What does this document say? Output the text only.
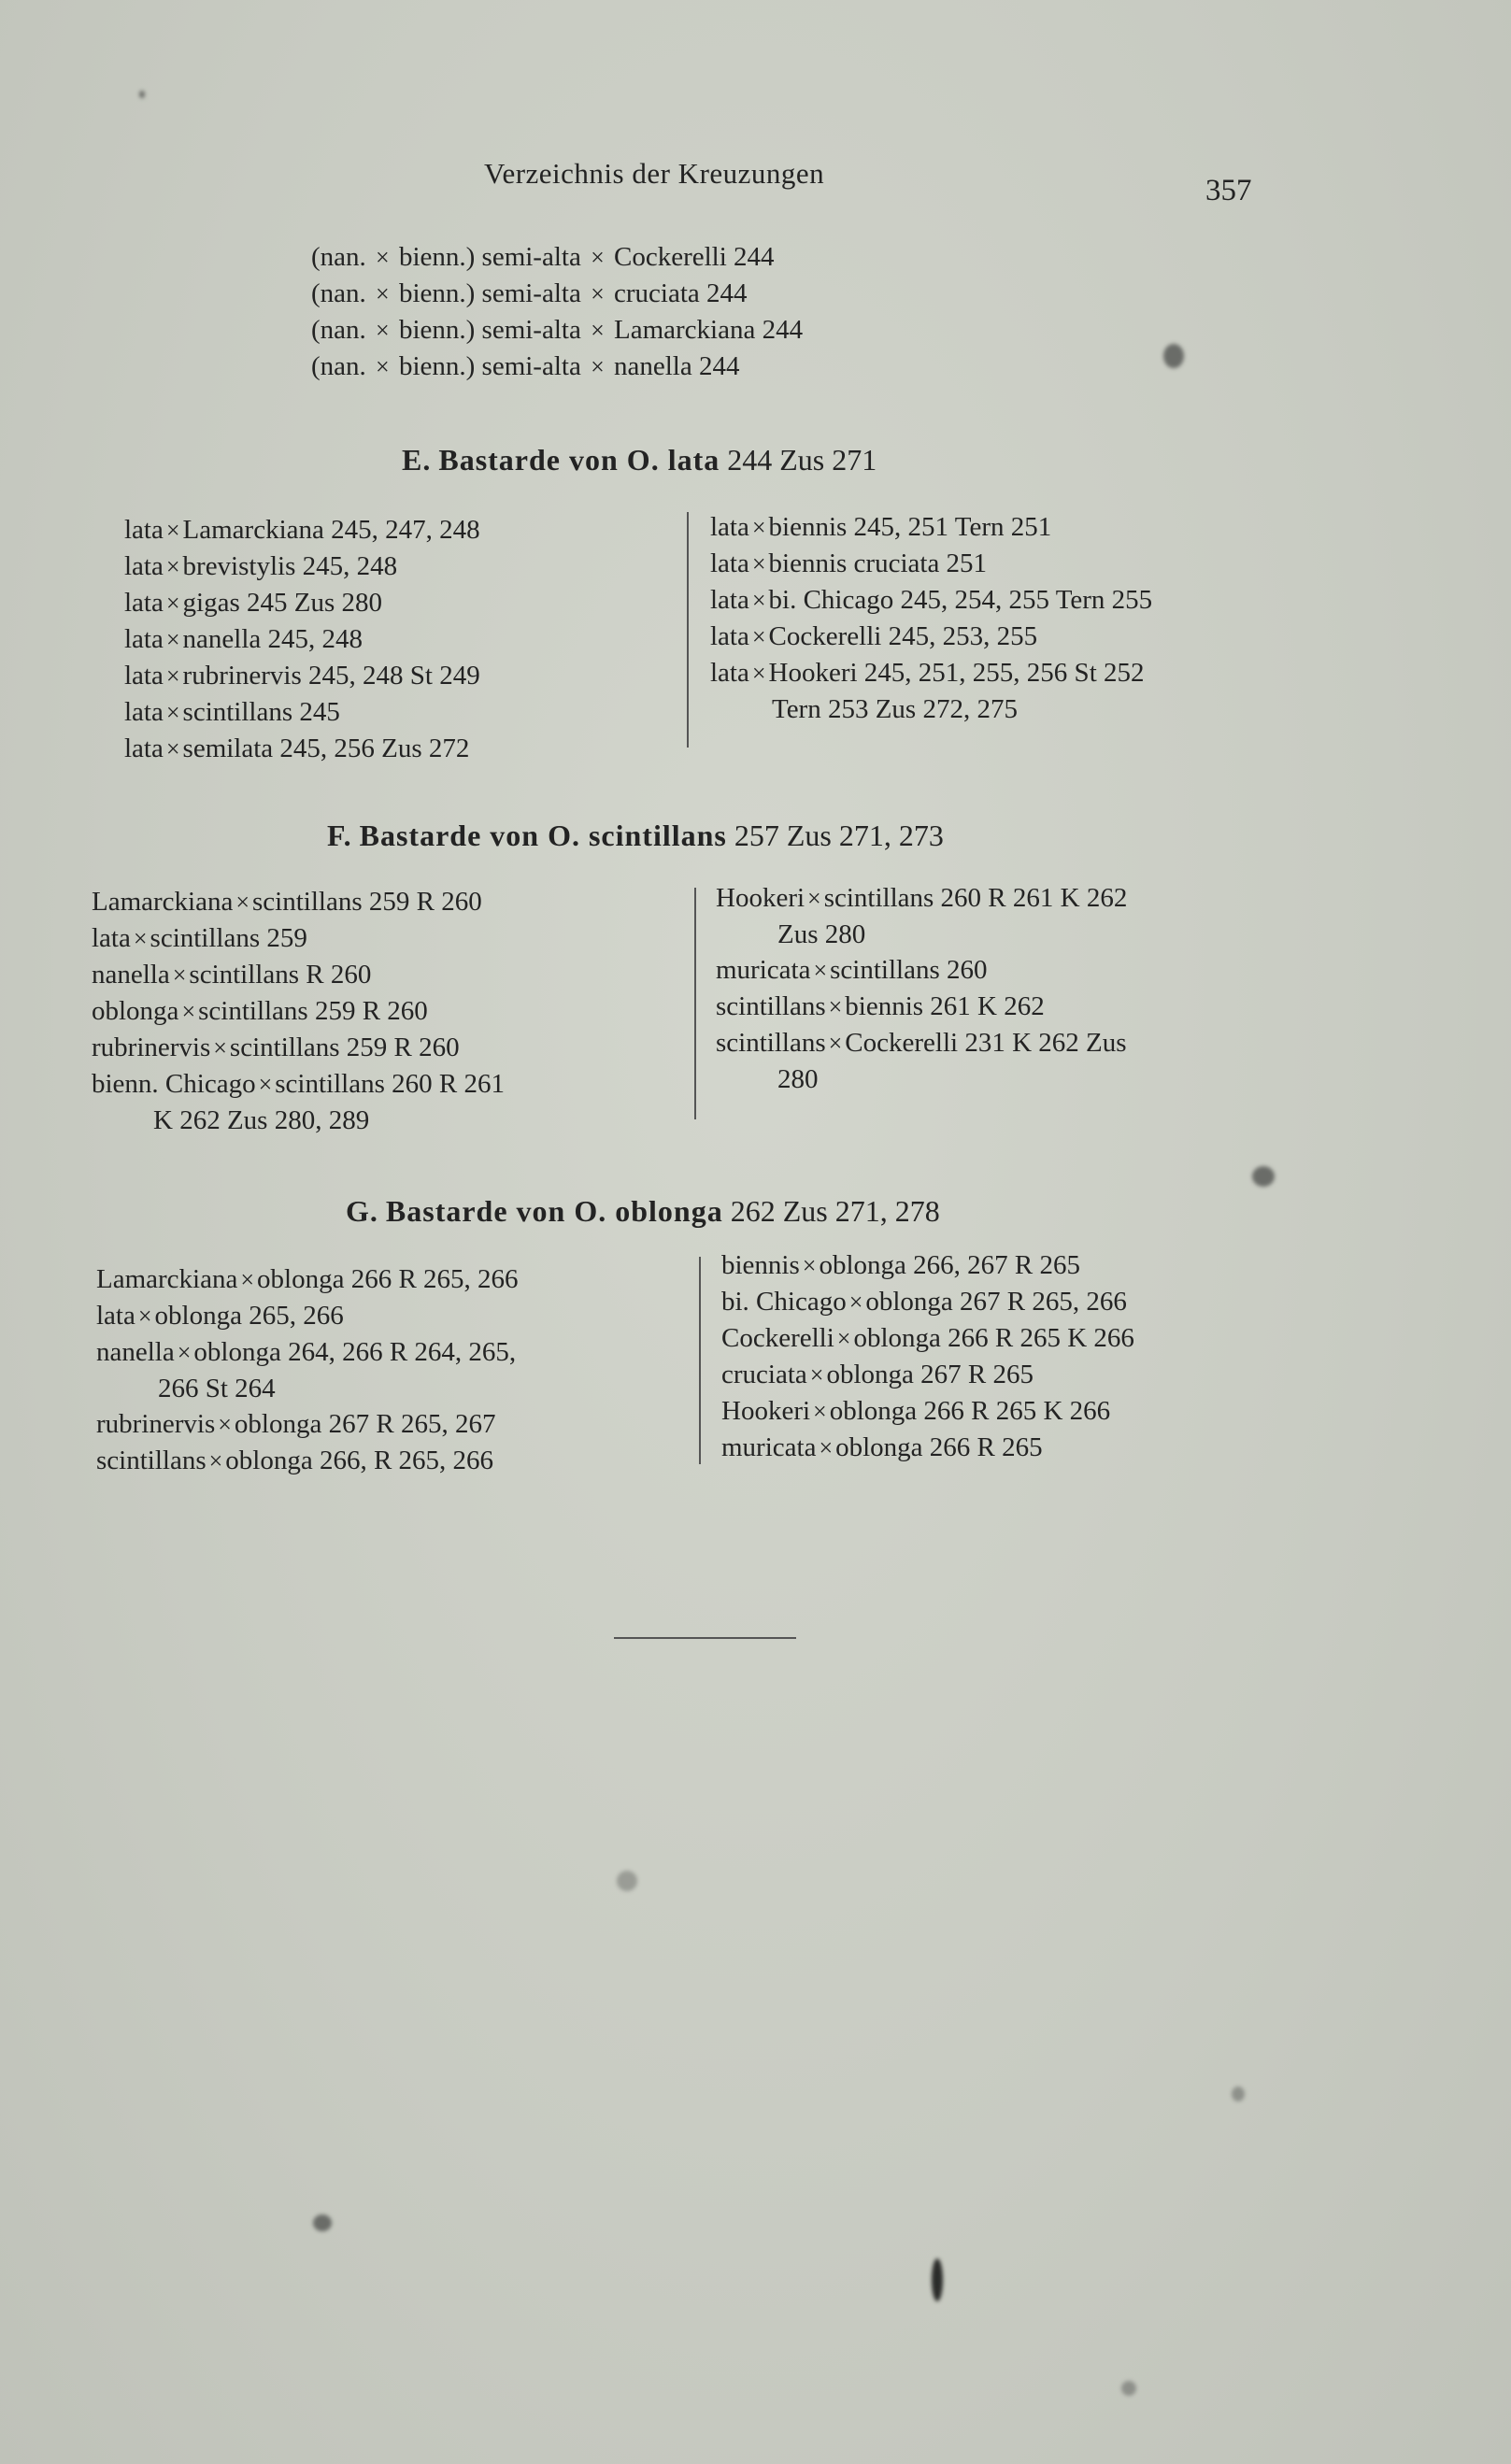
Verzeichnis der Kreuzungen
357
(nan. × bienn.) semi-alta × Cockerelli 244
(nan. × bienn.) semi-alta × cruciata 244
(nan. × bienn.) semi-alta × Lamarckiana 244
(nan. × bienn.) semi-alta × nanella 244
E. Bastarde von O. lata 244 Zus 271
lata × Lamarckiana 245, 247, 248
lata × brevistylis 245, 248
lata × gigas 245 Zus 280
lata × nanella 245, 248
lata × rubrinervis 245, 248 St 249
lata × scintillans 245
lata × semilata 245, 256 Zus 272
lata × biennis 245, 251 Tern 251
lata × biennis cruciata 251
lata × bi. Chicago 245, 254, 255 Tern 255
lata × Cockerelli 245, 253, 255
lata × Hookeri 245, 251, 255, 256 St 252
Tern 253 Zus 272, 275
F. Bastarde von O. scintillans 257 Zus 271, 273
Lamarckiana × scintillans 259 R 260
lata × scintillans 259
nanella × scintillans R 260
oblonga × scintillans 259 R 260
rubrinervis × scintillans 259 R 260
bienn. Chicago × scintillans 260 R 261
K 262 Zus 280, 289
Hookeri × scintillans 260 R 261 K 262
Zus 280
muricata × scintillans 260
scintillans × biennis 261 K 262
scintillans × Cockerelli 231 K 262 Zus
280
G. Bastarde von O. oblonga 262 Zus 271, 278
Lamarckiana × oblonga 266 R 265, 266
lata × oblonga 265, 266
nanella × oblonga 264, 266 R 264, 265,
266 St 264
rubrinervis × oblonga 267 R 265, 267
scintillans × oblonga 266, R 265, 266
biennis × oblonga 266, 267 R 265
bi. Chicago × oblonga 267 R 265, 266
Cockerelli × oblonga 266 R 265 K 266
cruciata × oblonga 267 R 265
Hookeri × oblonga 266 R 265 K 266
muricata × oblonga 266 R 265
